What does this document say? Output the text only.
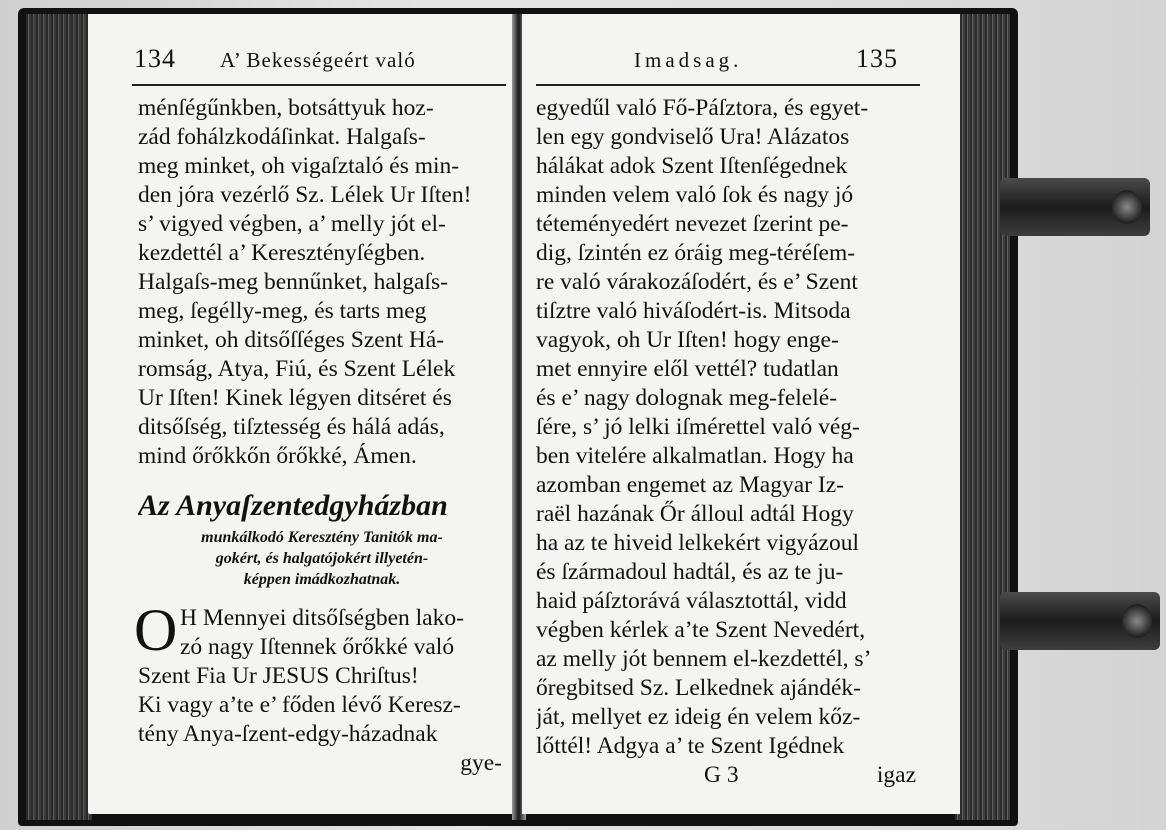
134 A’ Bekességeért való
ménſégűnkben, botsáttyuk hoz-
zád fohálzkodáſinkat. Halgaſs-
meg minket, oh vigaſztaló és min-
den jóra vezérlő Sz. Lélek Ur Iſten!
s’ vigyed végben, a’ melly jót el-
kezdettél a’ Keresztényſégben.
Halgaſs-meg bennűnket, halgaſs-
meg, ſegélly-meg, és tarts meg
minket, oh ditsőſſéges Szent Há-
romság, Atya, Fiú, és Szent Lélek
Ur Iſten! Kinek légyen ditséret és
ditsőſség, tiſztesség és hálá adás,
mind őrőkkőn őrőkké, Ámen.
Az Anyaſzentedgyházban
munkálkodó Keresztény Tanitók ma-
gokért, és halgatójokért illyetén-
képpen imádkozhatnak.
O H Mennyei ditsőſségben lako-
zó nagy Iſtennek őrőkké való
Szent Fia Ur JESUS Chriſtus!
Ki vagy a’te e’ főden lévő Keresz-
tény Anya-ſzent-edgy-házadnak
gye-
Imadsag.	135
egyedűl való Fő-Páſztora, és egyet-
len egy gondviselő Ura! Alázatos
hálákat adok Szent Iſtenſégednek
minden velem való ſok és nagy jó
téteményedért nevezet ſzerint pe-
dig, ſzintén ez óráig meg-téréſem-
re való várakozáſodért, és e’ Szent
tiſztre való hiváſodért-is. Mitsoda
vagyok, oh Ur Iſten! hogy enge-
met ennyire elől vettél? tudatlan
és e’ nagy dolognak meg-felelé-
ſére, s’ jó lelki iſmérettel való vég-
ben vitelére alkalmatlan. Hogy ha
azomban engemet az Magyar Iz-
raël hazának Őr álloul adtál Hogy
ha az te hiveid lelkekért vigyázoul
és ſzármadoul hadtál, és az te ju-
haid páſztorává választottál, vidd
végben kérlek a’te Szent Nevedért,
az melly jót bennem el-kezdettél, s’
őregbitsed Sz. Lelkednek ajándék-
ját, mellyet ez ideig én velem kőz-
lőttél! Adgya a’ te Szent Igédnek
G 3	igaz
